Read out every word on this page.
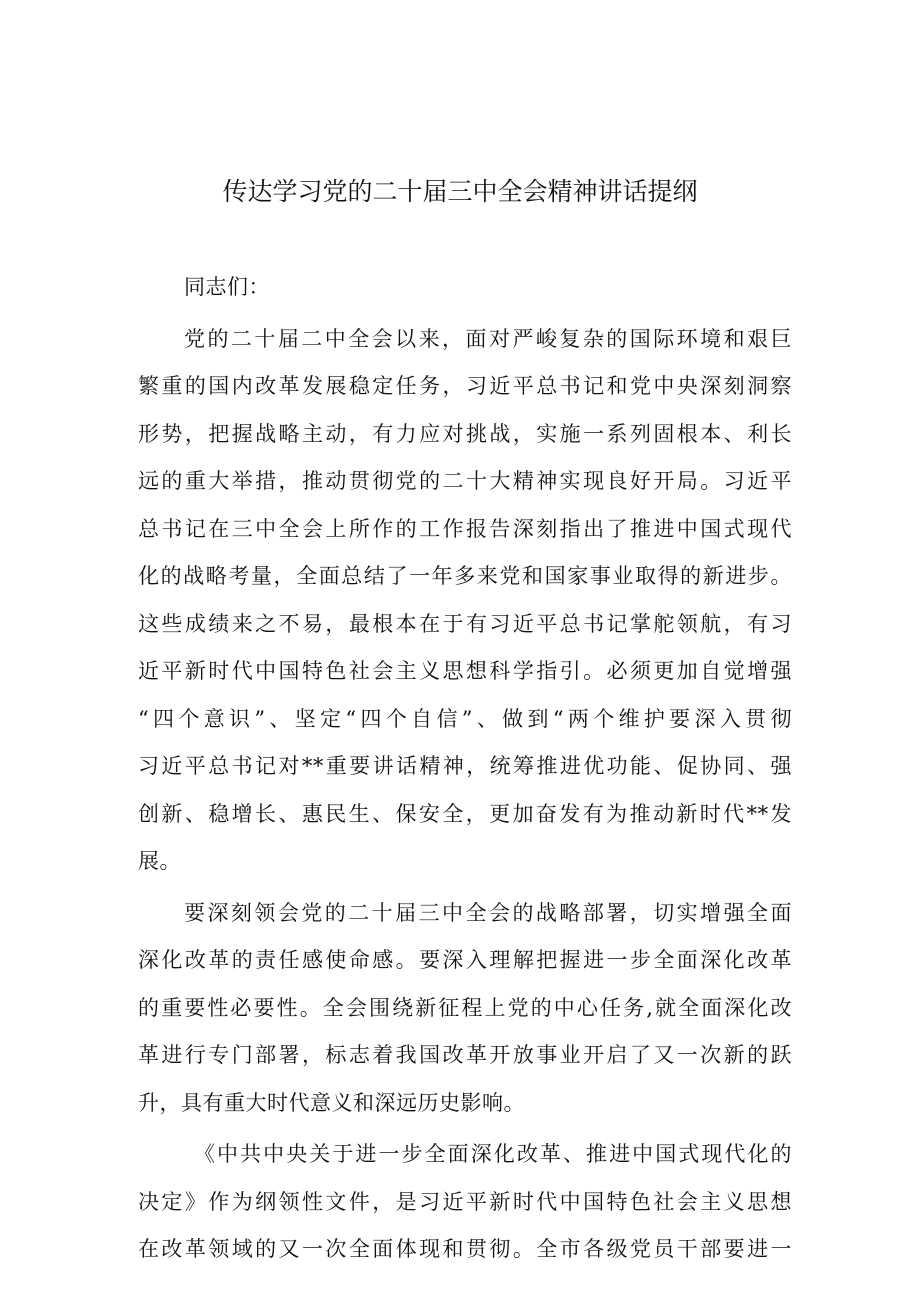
传达学习党的二十届三中全会精神讲话提纲
同志们：
党的二十届二中全会以来，面对严峻复杂的国际环境和艰巨
繁重的国内改革发展稳定任务，习近平总书记和党中央深刻洞察
形势，把握战略主动，有力应对挑战，实施一系列固根本、利长
远的重大举措，推动贯彻党的二十大精神实现良好开局。习近平
总书记在三中全会上所作的工作报告深刻指出了推进中国式现代
化的战略考量，全面总结了一年多来党和国家事业取得的新进步。
这些成绩来之不易，最根本在于有习近平总书记掌舵领航，有习
近平新时代中国特色社会主义思想科学指引。必须更加自觉增强
“四个意识”、坚定“四个自信”、做到“两个维护要深入贯彻
习近平总书记对**重要讲话精神，统筹推进优功能、促协同、强
创新、稳增长、惠民生、保安全，更加奋发有为推动新时代**发
展。
要深刻领会党的二十届三中全会的战略部署，切实增强全面
深化改革的责任感使命感。要深入理解把握进一步全面深化改革
的重要性必要性。全会围绕新征程上党的中心任务,就全面深化改
革进行专门部署，标志着我国改革开放事业开启了又一次新的跃
升，具有重大时代意义和深远历史影响。
《中共中央关于进一步全面深化改革、推进中国式现代化的
决定》作为纲领性文件，是习近平新时代中国特色社会主义思想
在改革领域的又一次全面体现和贯彻。全市各级党员干部要进一
